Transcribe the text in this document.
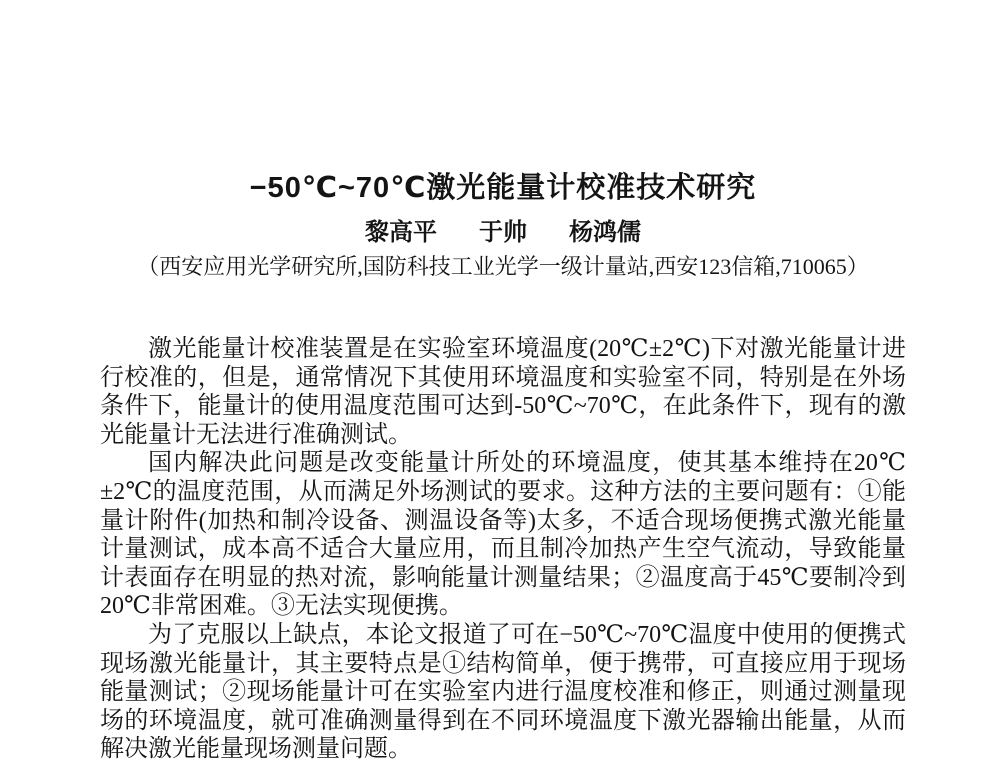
−50℃~70℃激光能量计校准技术研究
黎高平 于帅 杨鸿儒
（西安应用光学研究所,国防科技工业光学一级计量站,西安123信箱,710065）

激光能量计校准装置是在实验室环境温度(20℃±2℃)下对激光能量计进行校准的，但是，通常情况下其使用环境温度和实验室不同，特别是在外场条件下，能量计的使用温度范围可达到-50℃~70℃，在此条件下，现有的激光能量计无法进行准确测试。

国内解决此问题是改变能量计所处的环境温度，使其基本维持在20℃±2℃的温度范围，从而满足外场测试的要求。这种方法的主要问题有：①能量计附件(加热和制冷设备、测温设备等)太多，不适合现场便携式激光能量计量测试，成本高不适合大量应用，而且制冷加热产生空气流动，导致能量计表面存在明显的热对流，影响能量计测量结果；②温度高于45℃要制冷到20℃非常困难。③无法实现便携。

为了克服以上缺点，本论文报道了可在−50℃~70℃温度中使用的便携式现场激光能量计，其主要特点是①结构简单，便于携带，可直接应用于现场能量测试；②现场能量计可在实验室内进行温度校准和修正，则通过测量现场的环境温度，就可准确测量得到在不同环境温度下激光器输出能量，从而解决激光能量现场测量问题。
